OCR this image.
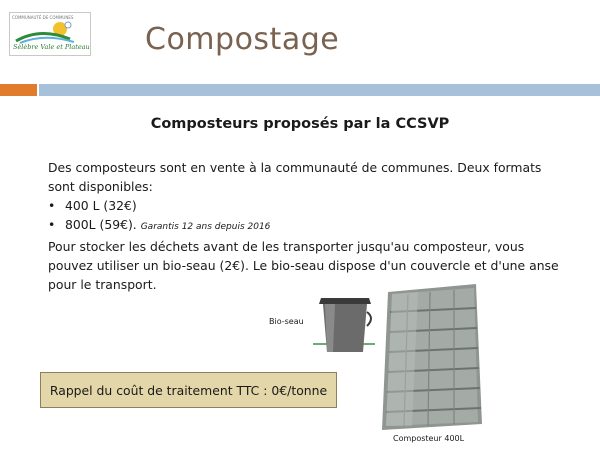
COMMUNAUTÉ DE COMMUNES
Sèlèbre Vale et Plateau Compostage
Composteurs proposés par la CCSVP

Des composteurs sont en vente à la communauté de communes. Deux formats sont disponibles:

• 400 L (32€)
• 800L (59€). Garantis 12 ans depuis 2016

Pour stocker les déchets avant de les transporter jusqu'au composteur, vous pouvez utiliser un bio-seau (2€). Le bio-seau dispose d'un couvercle et d'une anse pour le transport.

Bio-seau
Rappel du coût de traitement TTC : 0€/tonne
Composteur 400L
